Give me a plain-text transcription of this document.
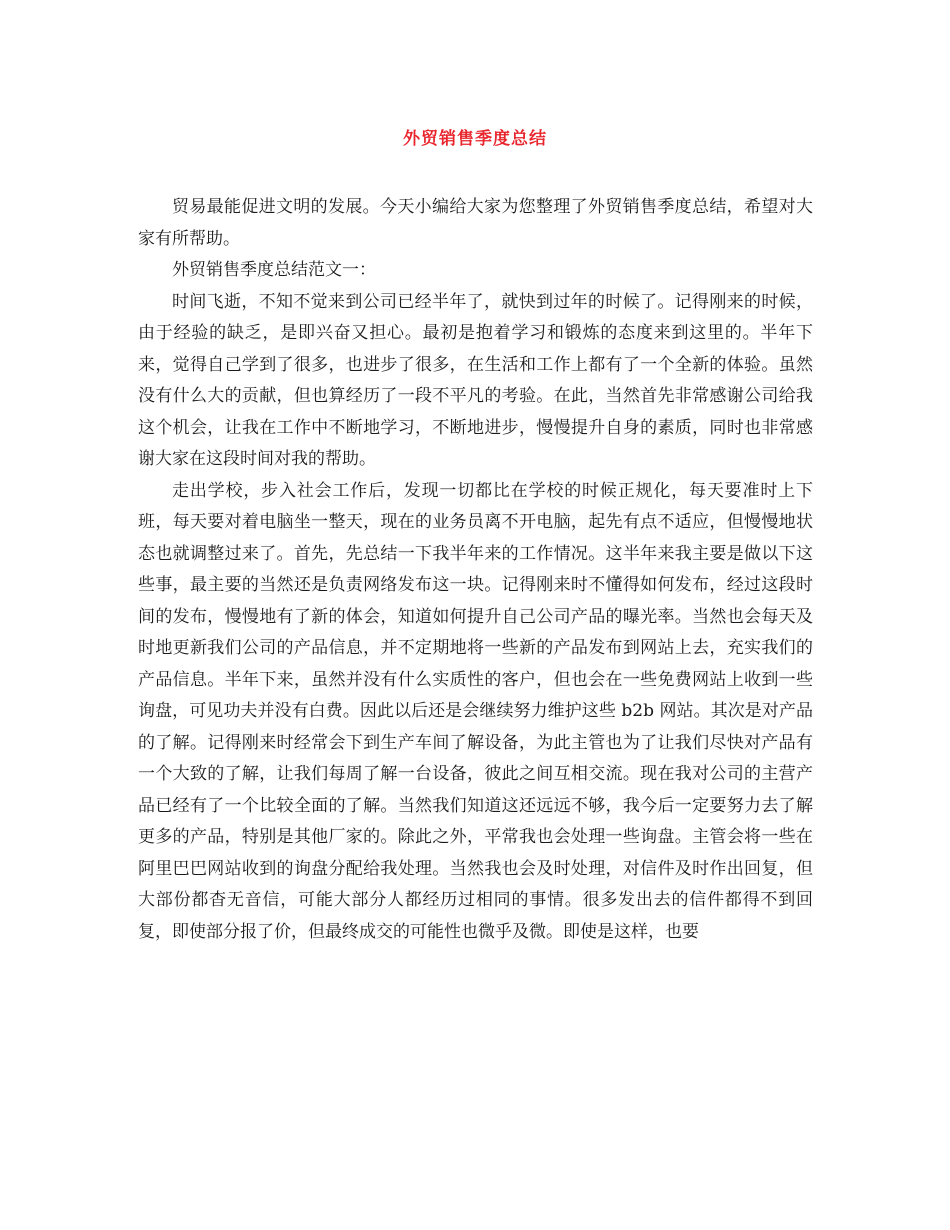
外贸销售季度总结

贸易最能促进文明的发展。今天小编给大家为您整理了外贸销售季度总结，希望对大家有所帮助。

外贸销售季度总结范文一：

时间飞逝，不知不觉来到公司已经半年了，就快到过年的时候了。记得刚来的时候，由于经验的缺乏，是即兴奋又担心。最初是抱着学习和锻炼的态度来到这里的。半年下来，觉得自己学到了很多，也进步了很多，在生活和工作上都有了一个全新的体验。虽然没有什么大的贡献，但也算经历了一段不平凡的考验。在此，当然首先非常感谢公司给我这个机会，让我在工作中不断地学习，不断地进步，慢慢提升自身的素质，同时也非常感谢大家在这段时间对我的帮助。

走出学校，步入社会工作后，发现一切都比在学校的时候正规化，每天要准时上下班，每天要对着电脑坐一整天，现在的业务员离不开电脑，起先有点不适应，但慢慢地状态也就调整过来了。首先，先总结一下我半年来的工作情况。这半年来我主要是做以下这些事，最主要的当然还是负责网络发布这一块。记得刚来时不懂得如何发布，经过这段时间的发布，慢慢地有了新的体会，知道如何提升自己公司产品的曝光率。当然也会每天及时地更新我们公司的产品信息，并不定期地将一些新的产品发布到网站上去，充实我们的产品信息。半年下来，虽然并没有什么实质性的客户，但也会在一些免费网站上收到一些询盘，可见功夫并没有白费。因此以后还是会继续努力维护这些 b2b 网站。其次是对产品的了解。记得刚来时经常会下到生产车间了解设备，为此主管也为了让我们尽快对产品有一个大致的了解，让我们每周了解一台设备，彼此之间互相交流。现在我对公司的主营产品已经有了一个比较全面的了解。当然我们知道这还远远不够，我今后一定要努力去了解更多的产品，特别是其他厂家的。除此之外，平常我也会处理一些询盘。主管会将一些在阿里巴巴网站收到的询盘分配给我处理。当然我也会及时处理，对信件及时作出回复，但大部份都杳无音信，可能大部分人都经历过相同的事情。很多发出去的信件都得不到回复，即使部分报了价，但最终成交的可能性也微乎及微。即使是这样，也要
